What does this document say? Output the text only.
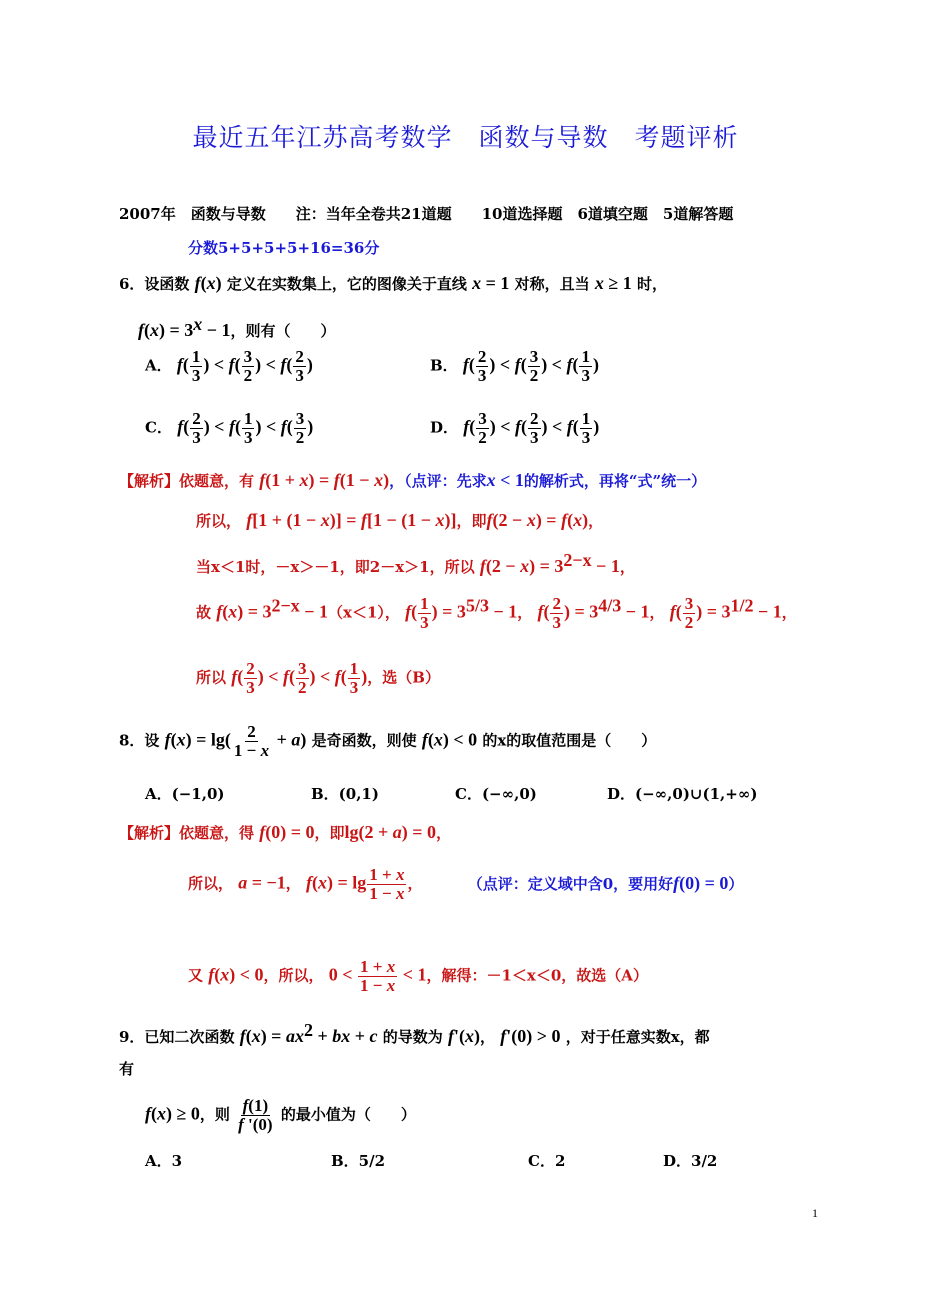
最近五年江苏高考数学　函数与导数　考题评析
2007年　函数与导数　　注：当年全卷共21道题　　10道选择题　6道填空题　5道解答题
分数5+5+5+5+16=36分
6．设函数 f(x) 定义在实数集上，它的图像关于直线 x = 1 对称，且当 x ≥ 1 时，
$f(x) = 3^x - 1$，则有（　　）
A． $f( \frac{1}{3}$ ) < $f( \frac{3}{2}$ ) < $f( \frac{2}{3}$ )	B． $f( \frac{2}{3}$ ) < $f( \frac{3}{2}$ ) < $f( \frac{1}{3}$ )
C． $f( \frac{2}{3}$ ) < $f( \frac{1}{3}$ ) < $f( \frac{3}{2}$ )	D． $f( \frac{3}{2}$ ) < $f( \frac{2}{3}$ ) < $f( \frac{1}{3}$ )
【解析】依题意，有 f(1 + x) = f(1 − x)，（点评：先求x < 1的解析式，再将“式”统一）
所以， f[1 + (1 − x)] = f[1 − (1 − x)]，即f(2 − x) = f(x)，
当x＜1时，－x＞－1，即2－x＞1，所以 $f(2 - x) = 3^{2-x} - 1$，
故 $f(x) = 3^{2-x} - 1(x<1)$， $f( \frac{1}{3}$ ) = $3^{5/3} - 1$， $f( \frac{2}{3}$ ) = $3^{4/3} - 1$， $f( \frac{3}{2}$ ) = $3^{1/2} - 1$，
所以 $f( \frac{2}{3}$ ) < $f( \frac{3}{2}$ ) < $f( \frac{1}{3}$ )，选（B）
8．设 $f(x) = \lg( \frac{2}{1 - x} + a)$ 是奇函数，则使 f(x) < 0 的x的取值范围是（　　）
A．(−1,0)	B．(0,1)	C．(−∞,0)	D．(−∞,0)∪(1,+∞)
【解析】依题意，得 f(0) = 0，即lg(2 + a) = 0，
所以， a = −1， $f(x) = \lg \frac{1 + x}{1 - x}$ ，	（点评：定义域中含0，要用好f(0) = 0）
又 f(x) < 0，所以， $0 < \frac{1 + x}{1 - x} < 1$，解得：－1＜x＜0，故选（A）
9．已知二次函数 $f(x) = ax^2$ + bx + c 的导数为 f'(x)， f'(0) > 0 ，对于任意实数x，都
有
f(x) ≥ 0，则 $\frac{f(1)}{f '(0)}$ 的最小值为（　　）
A．3	B．5/2	C．2	D．3/2
1
